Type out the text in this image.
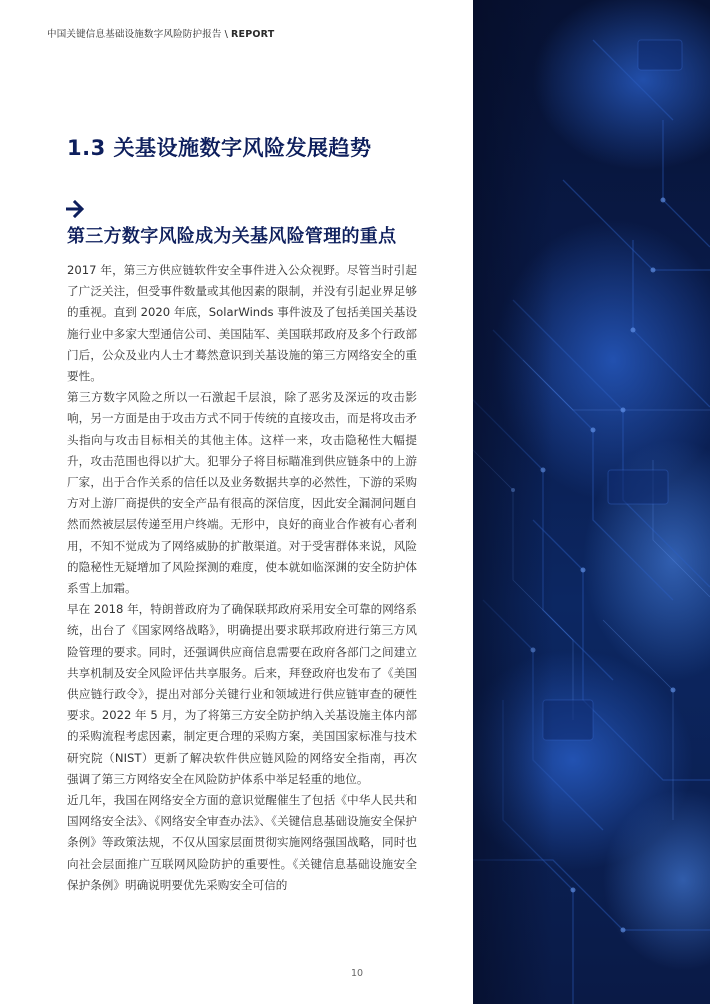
中国关键信息基础设施数字风险防护报告 \ REPORT
1.3 关基设施数字风险发展趋势
第三方数字风险成为关基风险管理的重点

2017 年，第三方供应链软件安全事件进入公众视野。尽管当时引起了广泛关注，但受事件数量或其他因素的限制，并没有引起业界足够的重视。直到 2020 年底，SolarWinds 事件波及了包括美国关基设施行业中多家大型通信公司、美国陆军、美国联邦政府及多个行政部门后，公众及业内人士才蓦然意识到关基设施的第三方网络安全的重要性。

第三方数字风险之所以一石激起千层浪，除了恶劣及深远的攻击影响，另一方面是由于攻击方式不同于传统的直接攻击，而是将攻击矛头指向与攻击目标相关的其他主体。这样一来，攻击隐秘性大幅提升，攻击范围也得以扩大。犯罪分子将目标瞄准到供应链条中的上游厂家，出于合作关系的信任以及业务数据共享的必然性，下游的采购方对上游厂商提供的安全产品有很高的深信度，因此安全漏洞问题自然而然被层层传递至用户终端。无形中，良好的商业合作被有心者利用，不知不觉成为了网络威胁的扩散渠道。对于受害群体来说，风险的隐秘性无疑增加了风险探测的难度，使本就如临深渊的安全防护体系雪上加霜。

早在 2018 年，特朗普政府为了确保联邦政府采用安全可靠的网络系统，出台了《国家网络战略》，明确提出要求联邦政府进行第三方风险管理的要求。同时，还强调供应商信息需要在政府各部门之间建立共享机制及安全风险评估共享服务。后来，拜登政府也发布了《美国供应链行政令》，提出对部分关键行业和领域进行供应链审查的硬性要求。2022 年 5 月，为了将第三方安全防护纳入关基设施主体内部的采购流程考虑因素，制定更合理的采购方案，美国国家标准与技术研究院（NIST）更新了解决软件供应链风险的网络安全指南，再次强调了第三方网络安全在风险防护体系中举足轻重的地位。

近几年，我国在网络安全方面的意识觉醒催生了包括《中华人民共和国网络安全法》、《网络安全审查办法》、《关键信息基础设施安全保护条例》等政策法规，不仅从国家层面贯彻实施网络强国战略，同时也向社会层面推广互联网风险防护的重要性。《关键信息基础设施安全保护条例》明确说明要优先采购安全可信的

10
